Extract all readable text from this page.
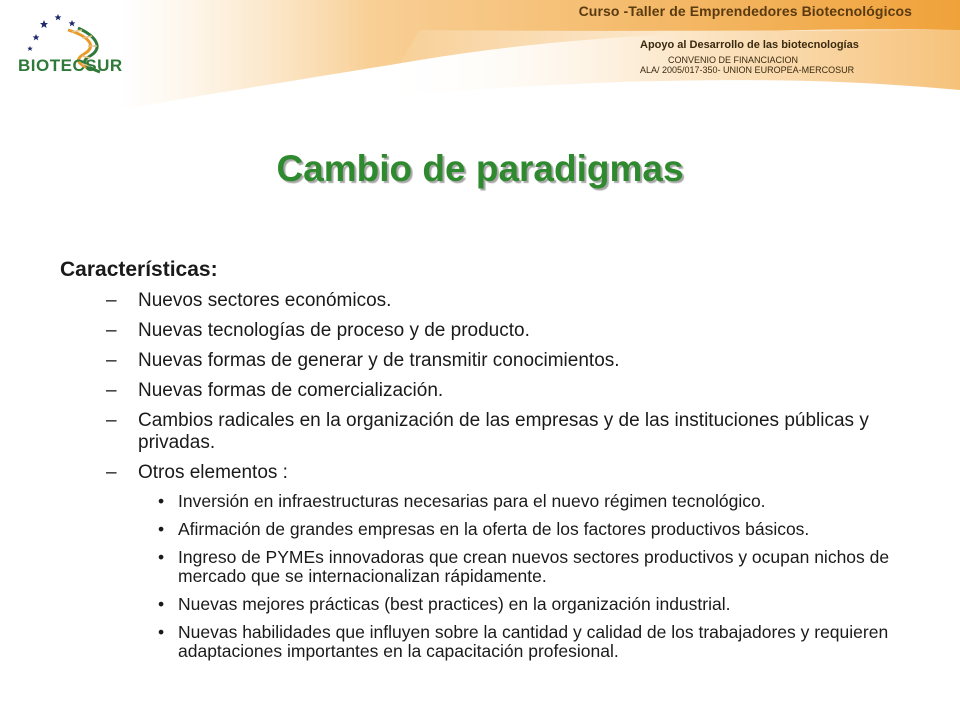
BIOTECSUR
Curso -Taller de Emprendedores Biotecnológicos
Apoyo al Desarrollo de las biotecnologías
CONVENIO DE FINANCIACION
ALA/ 2005/017-350- UNION EUROPEA-MERCOSUR
Cambio de paradigmas
Características:
– Nuevos sectores económicos.
– Nuevas tecnologías de proceso y de producto.
– Nuevas formas de generar y de transmitir conocimientos.
– Nuevas formas de comercialización.
– Cambios radicales en la organización de las empresas y de las instituciones públicas y privadas.
– Otros elementos :
• Inversión en infraestructuras necesarias para el nuevo régimen tecnológico.
• Afirmación de grandes empresas en la oferta de los factores productivos básicos.
• Ingreso de PYMEs innovadoras que crean nuevos sectores productivos y ocupan nichos de mercado que se internacionalizan rápidamente.
• Nuevas mejores prácticas (best practices) en la organización industrial.
• Nuevas habilidades que influyen sobre la cantidad y calidad de los trabajadores y requieren adaptaciones importantes en la capacitación profesional.
